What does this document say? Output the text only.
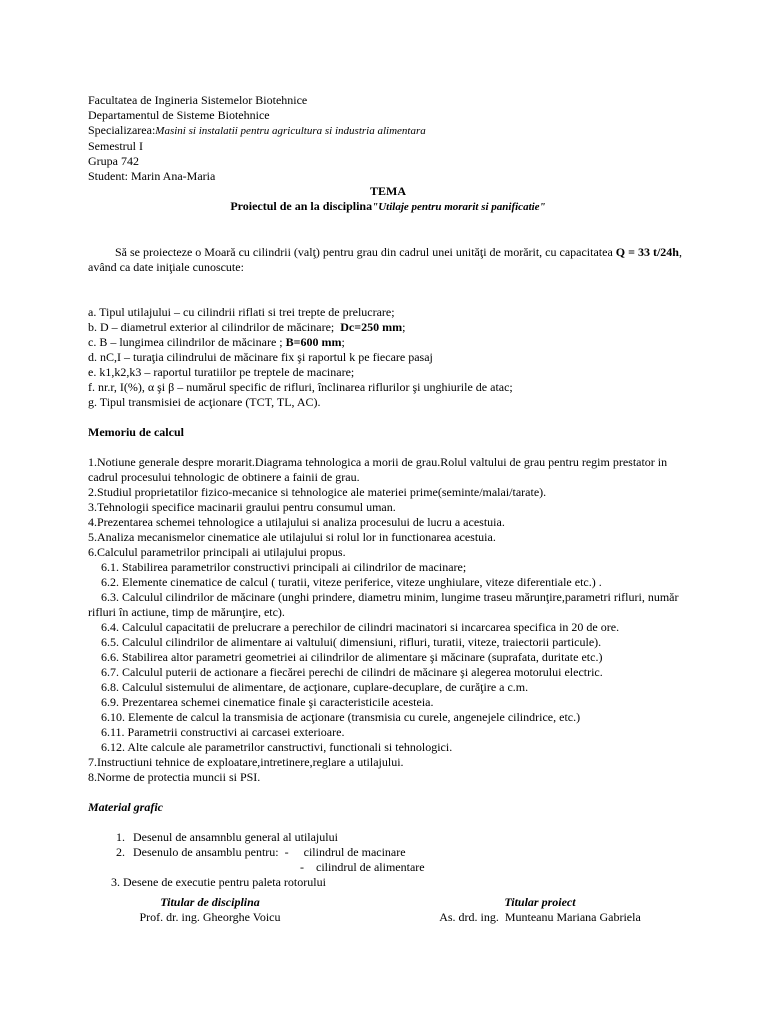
Facultatea de Ingineria Sistemelor Biotehnice
Departamentul de Sisteme Biotehnice
Specializarea:Masini si instalatii pentru agricultura si industria alimentara
Semestrul I
Grupa 742
Student: Marin Ana-Maria
TEMA
Proiectul de an la disciplina"Utilaje pentru morarit si panificatie"

Să se proiecteze o Moară cu cilindrii (valţ) pentru grau din cadrul unei unităţi de morărit, cu capacitatea Q = 33 t/24h, având ca date iniţiale cunoscute:

a. Tipul utilajului – cu cilindrii riflati si trei trepte de prelucrare;
b. D – diametrul exterior al cilindrilor de măcinare;  Dc=250 mm;
c. B – lungimea cilindrilor de măcinare ; B=600 mm;
d. nC,I – turaţia cilindrului de măcinare fix şi raportul k pe fiecare pasaj
e. k1,k2,k3 – raportul turatiilor pe treptele de macinare;
f. nr.r, I(%), α şi β – numărul specific de rifluri, înclinarea riflurilor şi unghiurile de atac;
g. Tipul transmisiei de acţionare (TCT, TL, AC).
Memoriu de calcul
1.Notiune generale despre morarit.Diagrama tehnologica a morii de grau.Rolul valtului de grau pentru regim prestator in cadrul procesului tehnologic de obtinere a fainii de grau.
2.Studiul proprietatilor fizico-mecanice si tehnologice ale materiei prime(seminte/malai/tarate).
3.Tehnologii specifice macinarii graului pentru consumul uman.
4.Prezentarea schemei tehnologice a utilajului si analiza procesului de lucru a acestuia.
5.Analiza mecanismelor cinematice ale utilajului si rolul lor in functionarea acestuia.
6.Calculul parametrilor principali ai utilajului propus.
6.1. Stabilirea parametrilor constructivi principali ai cilindrilor de macinare;
6.2. Elemente cinematice de calcul ( turatii, viteze periferice, viteze unghiulare, viteze diferentiale etc.) .
6.3. Calculul cilindrilor de măcinare (unghi prindere, diametru minim, lungime traseu mărunţire,parametri rifluri, număr rifluri în actiune, timp de mărunţire, etc).
6.4. Calculul capacitatii de prelucrare a perechilor de cilindri macinatori si incarcarea specifica in 20 de ore.
6.5. Calculul cilindrilor de alimentare ai valtului( dimensiuni, rifluri, turatii, viteze, traiectorii particule).
6.6. Stabilirea altor parametri geometriei ai cilindrilor de alimentare şi măcinare (suprafata, duritate etc.)
6.7. Calculul puterii de actionare a fiecărei perechi de cilindri de măcinare şi alegerea motorului electric.
6.8. Calculul sistemului de alimentare, de acţionare, cuplare-decuplare, de curăţire a c.m.
6.9. Prezentarea schemei cinematice finale şi caracteristicile acesteia.
6.10. Elemente de calcul la transmisia de acţionare (transmisia cu curele, angenejele cilindrice, etc.)
6.11. Parametrii constructivi ai carcasei exterioare.
6.12. Alte calcule ale parametrilor canstructivi, functionali si tehnologici.
7.Instructiuni tehnice de exploatare,intretinere,reglare a utilajului.
8.Norme de protectia muncii si PSI.
Material grafic
1. Desenul de ansamnblu general al utilajului
2. Desenulo de ansamblu pentru:  -     cilindrul de macinare
-    cilindrul de alimentare
3. Desene de executie pentru paleta rotorului
Titular de disciplina
Prof. dr. ing. Gheorghe Voicu
Titular proiect
As. drd. ing.  Munteanu Mariana Gabriela
